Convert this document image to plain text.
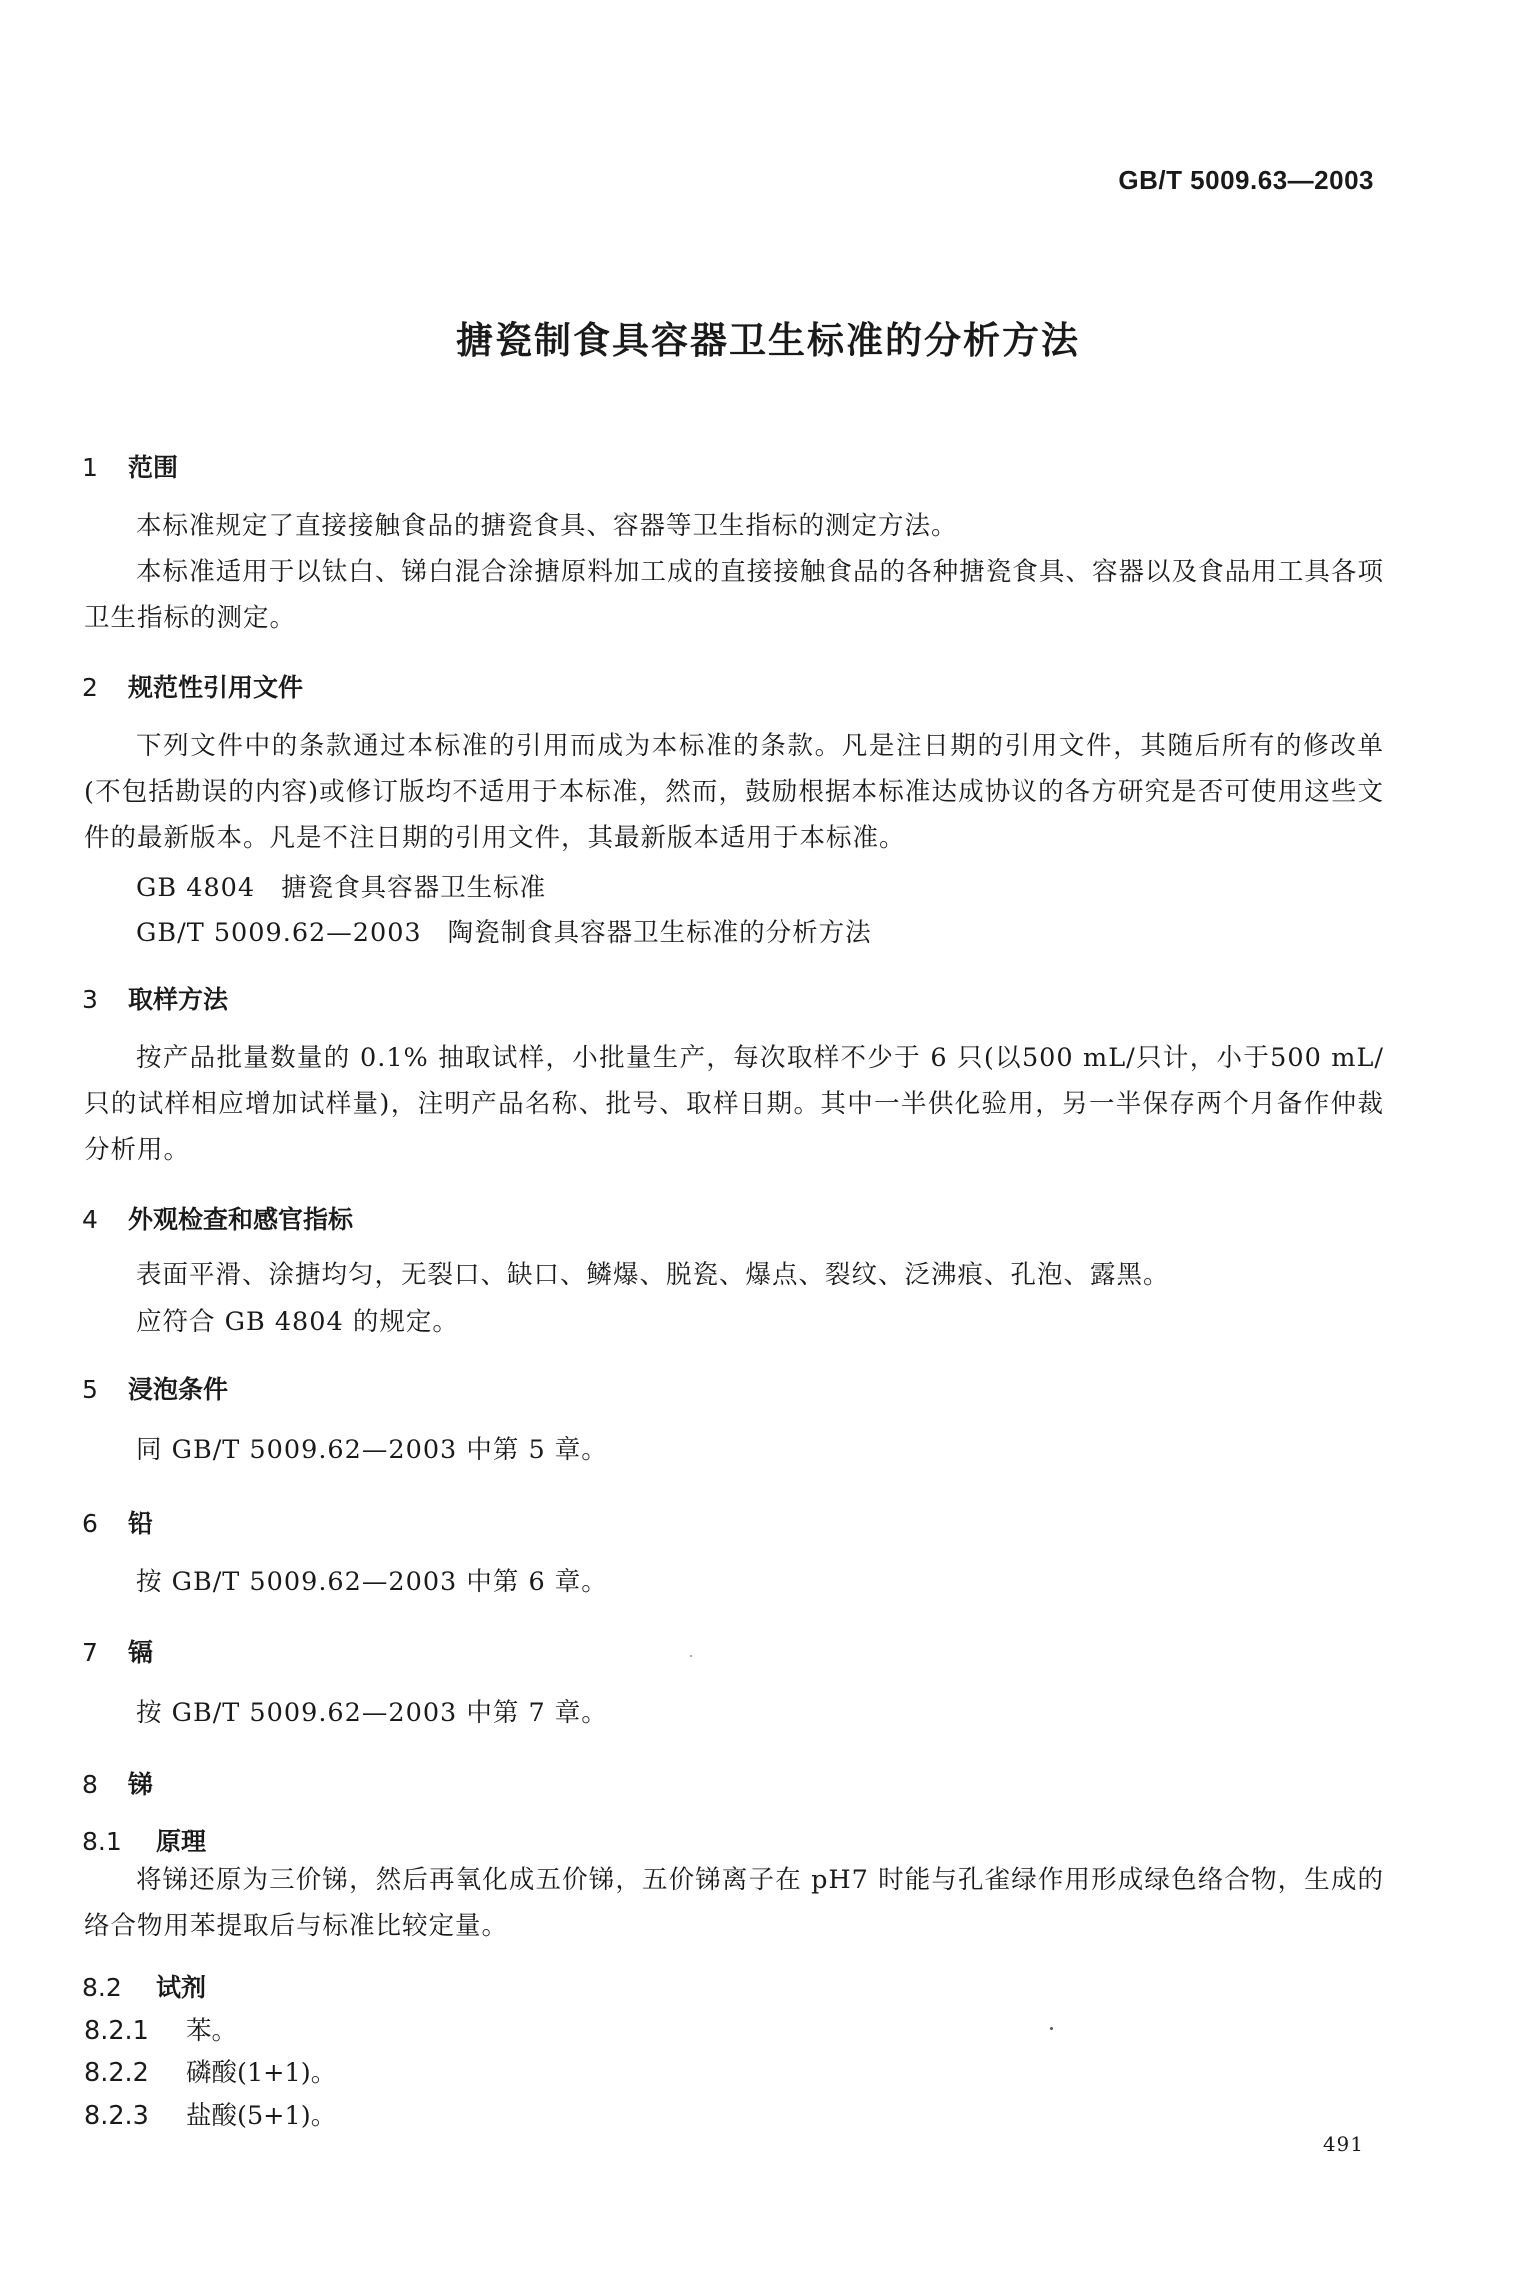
GB/T 5009.63—2003
搪瓷制食具容器卫生标准的分析方法
1 范围
本标准规定了直接接触食品的搪瓷食具、容器等卫生指标的测定方法。
本标准适用于以钛白、锑白混合涂搪原料加工成的直接接触食品的各种搪瓷食具、容器以及食品用工具各项卫生指标的测定。
2 规范性引用文件
下列文件中的条款通过本标准的引用而成为本标准的条款。凡是注日期的引用文件，其随后所有的修改单(不包括勘误的内容)或修订版均不适用于本标准，然而，鼓励根据本标准达成协议的各方研究是否可使用这些文件的最新版本。凡是不注日期的引用文件，其最新版本适用于本标准。
GB 4804 搪瓷食具容器卫生标准
GB/T 5009.62—2003 陶瓷制食具容器卫生标准的分析方法
3 取样方法
按产品批量数量的 0.1% 抽取试样，小批量生产，每次取样不少于 6 只(以500 mL/只计，小于500 mL/只的试样相应增加试样量)，注明产品名称、批号、取样日期。其中一半供化验用，另一半保存两个月备作仲裁分析用。
4 外观检查和感官指标
表面平滑、涂搪均匀，无裂口、缺口、鳞爆、脱瓷、爆点、裂纹、泛沸痕、孔泡、露黑。
应符合 GB 4804 的规定。
5 浸泡条件
同 GB/T 5009.62—2003 中第 5 章。
6 铅
按 GB/T 5009.62—2003 中第 6 章。
7 镉
按 GB/T 5009.62—2003 中第 7 章。
8 锑
8.1 原理
将锑还原为三价锑，然后再氧化成五价锑，五价锑离子在 pH7 时能与孔雀绿作用形成绿色络合物，生成的络合物用苯提取后与标准比较定量。
8.2 试剂
8.2.1 苯。
8.2.2 磷酸(1+1)。
8.2.3 盐酸(5+1)。
491
